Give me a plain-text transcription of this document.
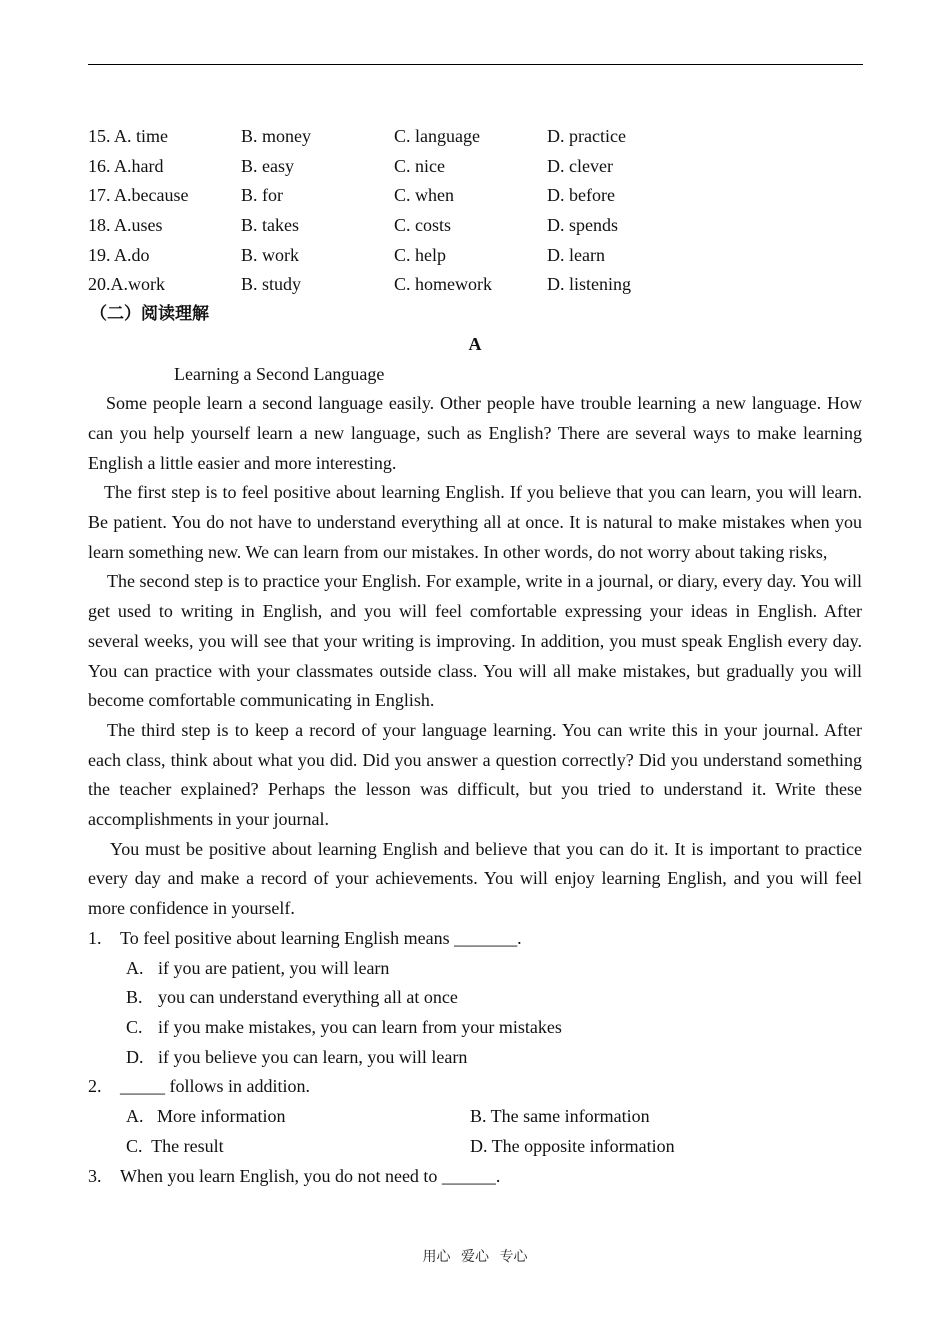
15. A. time	B. money	C. language	D. practice
16. A.hard	B. easy	C. nice	D. clever
17. A.because	B. for	C. when	D. before
18. A.uses	B. takes	C. costs	D. spends
19. A.do	B. work	C. help	D. learn
20.A.work	B. study	C. homework	D. listening
（二）阅读理解
A
Learning a Second Language
Some people learn a second language easily. Other people have trouble learning a new language. How can you help yourself learn a new language, such as English? There are several ways to make learning English a little easier and more interesting.
The first step is to feel positive about learning English. If you believe that you can learn, you will learn. Be patient. You do not have to understand everything all at once. It is natural to make mistakes when you learn something new. We can learn from our mistakes. In other words, do not worry about taking risks,
The second step is to practice your English. For example, write in a journal, or diary, every day. You will get used to writing in English, and you will feel comfortable expressing your ideas in English. After several weeks, you will see that your writing is improving. In addition, you must speak English every day. You can practice with your classmates outside class. You will all make mistakes, but gradually you will become comfortable communicating in English.
The third step is to keep a record of your language learning. You can write this in your journal. After each class, think about what you did. Did you answer a question correctly? Did you understand something the teacher explained? Perhaps the lesson was difficult, but you tried to understand it. Write these accomplishments in your journal.
You must be positive about learning English and believe that you can do it. It is important to practice every day and make a record of your achievements. You will enjoy learning English, and you will feel more confidence in yourself.
1.	To feel positive about learning English means _______.
A. if you are patient, you will learn
B. you can understand everything all at once
C. if you make mistakes, you can learn from your mistakes
D. if you believe you can learn, you will learn
2.	_____ follows in addition.
A.   More information	B. The same information
C.  The result	D. The opposite information
3.	When you learn English, you do not need to ______.
用心 爱心 专心
